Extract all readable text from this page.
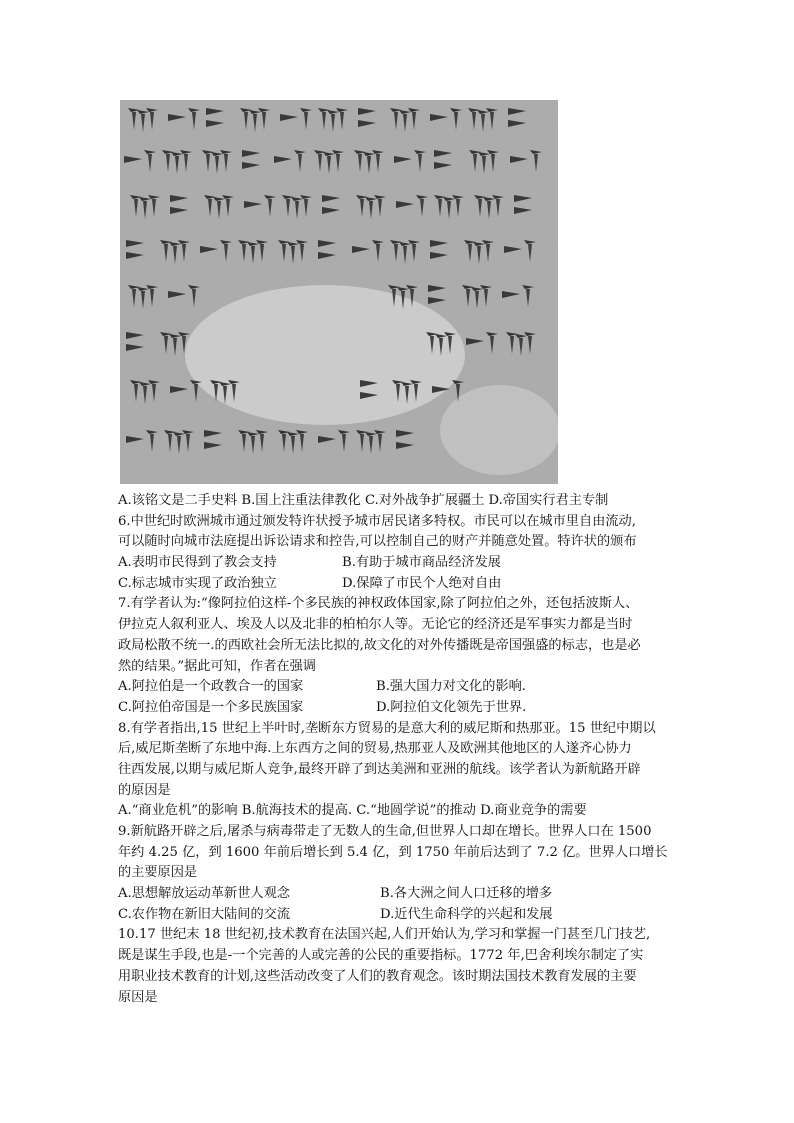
A.该铭文是二手史料 B.国上注重法律教化 C.对外战争扩展疆土 D.帝国实行君主专制
6.中世纪时欧洲城市通过颁发特许状授予城市居民诸多特权。市民可以在城市里自由流动,
可以随时向城市法庭提出诉讼请求和控告,可以控制自己的财产并随意处置。特许状的颁布
A.表明市民得到了教会支持	B.有助于城市商品经济发展
C.标志城市实现了政治独立	D.保障了市民个人绝对自由
7.有学者认为:“像阿拉伯这样-个多民族的神权政体国家,除了阿拉伯之外，还包括波斯人、
伊拉克人叙利亚人、埃及人以及北非的柏柏尔人等。无论它的经济还是军事实力都是当时
政局松散不统一.的西欧社会所无法比拟的,故文化的对外传播既是帝国强盛的标志，也是必
然的结果。”据此可知，作者在强调
A.阿拉伯是一个政教合一的国家	B.强大国力对文化的影响.
C.阿拉伯帝国是一个多民族国家	D.阿拉伯文化领先于世界.
8.有学者指出,15 世纪上半叶时,垄断东方贸易的是意大利的威尼斯和热那亚。15 世纪中期以
后,威尼斯垄断了东地中海.上东西方之间的贸易,热那亚人及欧洲其他地区的人遂齐心协力
往西发展,以期与威尼斯人竞争,最终开辟了到达美洲和亚洲的航线。该学者认为新航路开辟
的原因是
A.“商业危机”的影响 B.航海技术的提高. C.“地圆学说”的推动 D.商业竞争的需要
9.新航路开辟之后,屠杀与病毒带走了无数人的生命,但世界人口却在增长。世界人口在 1500
年约 4.25 亿，到 1600 年前后增长到 5.4 亿，到 1750 年前后达到了 7.2 亿。世界人口增长
的主要原因是
A.思想解放运动革新世人观念	B.各大洲之间人口迁移的增多
C.农作物在新旧大陆间的交流	D.近代生命科学的兴起和发展
10.17 世纪末 18 世纪初,技术教育在法国兴起,人们开始认为,学习和掌握一门甚至几门技艺,
既是谋生手段,也是-一个完善的人或完善的公民的重要指标。1772 年,巴舍利埃尔制定了实
用职业技术教育的计划,这些活动改变了人们的教育观念。该时期法国技术教育发展的主要
原因是
